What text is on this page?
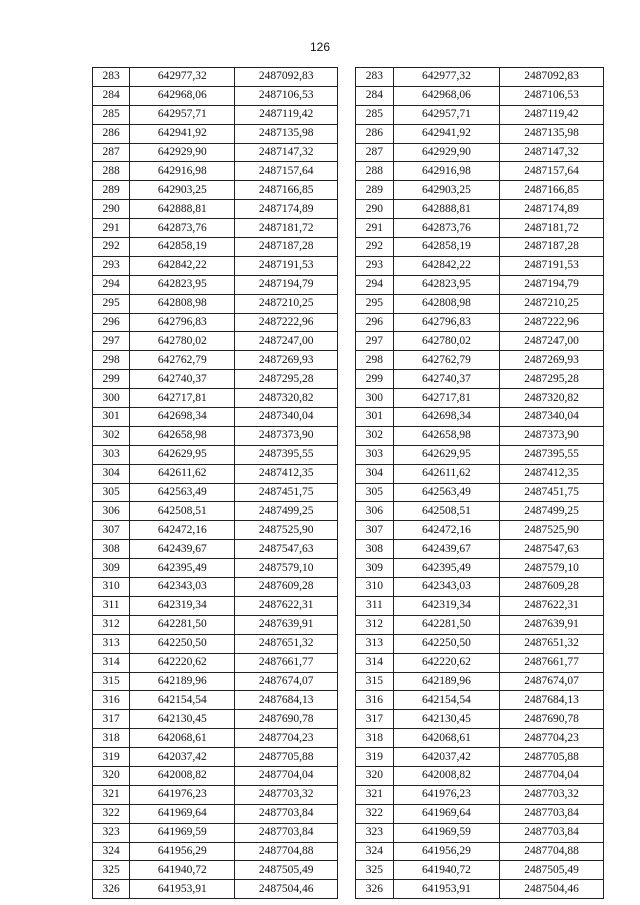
126
283	642977,32	2487092,83
284	642968,06	2487106,53
285	642957,71	2487119,42
286	642941,92	2487135,98
287	642929,90	2487147,32
288	642916,98	2487157,64
289	642903,25	2487166,85
290	642888,81	2487174,89
291	642873,76	2487181,72
292	642858,19	2487187,28
293	642842,22	2487191,53
294	642823,95	2487194,79
295	642808,98	2487210,25
296	642796,83	2487222,96
297	642780,02	2487247,00
298	642762,79	2487269,93
299	642740,37	2487295,28
300	642717,81	2487320,82
301	642698,34	2487340,04
302	642658,98	2487373,90
303	642629,95	2487395,55
304	642611,62	2487412,35
305	642563,49	2487451,75
306	642508,51	2487499,25
307	642472,16	2487525,90
308	642439,67	2487547,63
309	642395,49	2487579,10
310	642343,03	2487609,28
311	642319,34	2487622,31
312	642281,50	2487639,91
313	642250,50	2487651,32
314	642220,62	2487661,77
315	642189,96	2487674,07
316	642154,54	2487684,13
317	642130,45	2487690,78
318	642068,61	2487704,23
319	642037,42	2487705,88
320	642008,82	2487704,04
321	641976,23	2487703,32
322	641969,64	2487703,84
323	641969,59	2487703,84
324	641956,29	2487704,88
325	641940,72	2487505,49
326	641953,91	2487504,46
283	642977,32	2487092,83
284	642968,06	2487106,53
285	642957,71	2487119,42
286	642941,92	2487135,98
287	642929,90	2487147,32
288	642916,98	2487157,64
289	642903,25	2487166,85
290	642888,81	2487174,89
291	642873,76	2487181,72
292	642858,19	2487187,28
293	642842,22	2487191,53
294	642823,95	2487194,79
295	642808,98	2487210,25
296	642796,83	2487222,96
297	642780,02	2487247,00
298	642762,79	2487269,93
299	642740,37	2487295,28
300	642717,81	2487320,82
301	642698,34	2487340,04
302	642658,98	2487373,90
303	642629,95	2487395,55
304	642611,62	2487412,35
305	642563,49	2487451,75
306	642508,51	2487499,25
307	642472,16	2487525,90
308	642439,67	2487547,63
309	642395,49	2487579,10
310	642343,03	2487609,28
311	642319,34	2487622,31
312	642281,50	2487639,91
313	642250,50	2487651,32
314	642220,62	2487661,77
315	642189,96	2487674,07
316	642154,54	2487684,13
317	642130,45	2487690,78
318	642068,61	2487704,23
319	642037,42	2487705,88
320	642008,82	2487704,04
321	641976,23	2487703,32
322	641969,64	2487703,84
323	641969,59	2487703,84
324	641956,29	2487704,88
325	641940,72	2487505,49
326	641953,91	2487504,46
